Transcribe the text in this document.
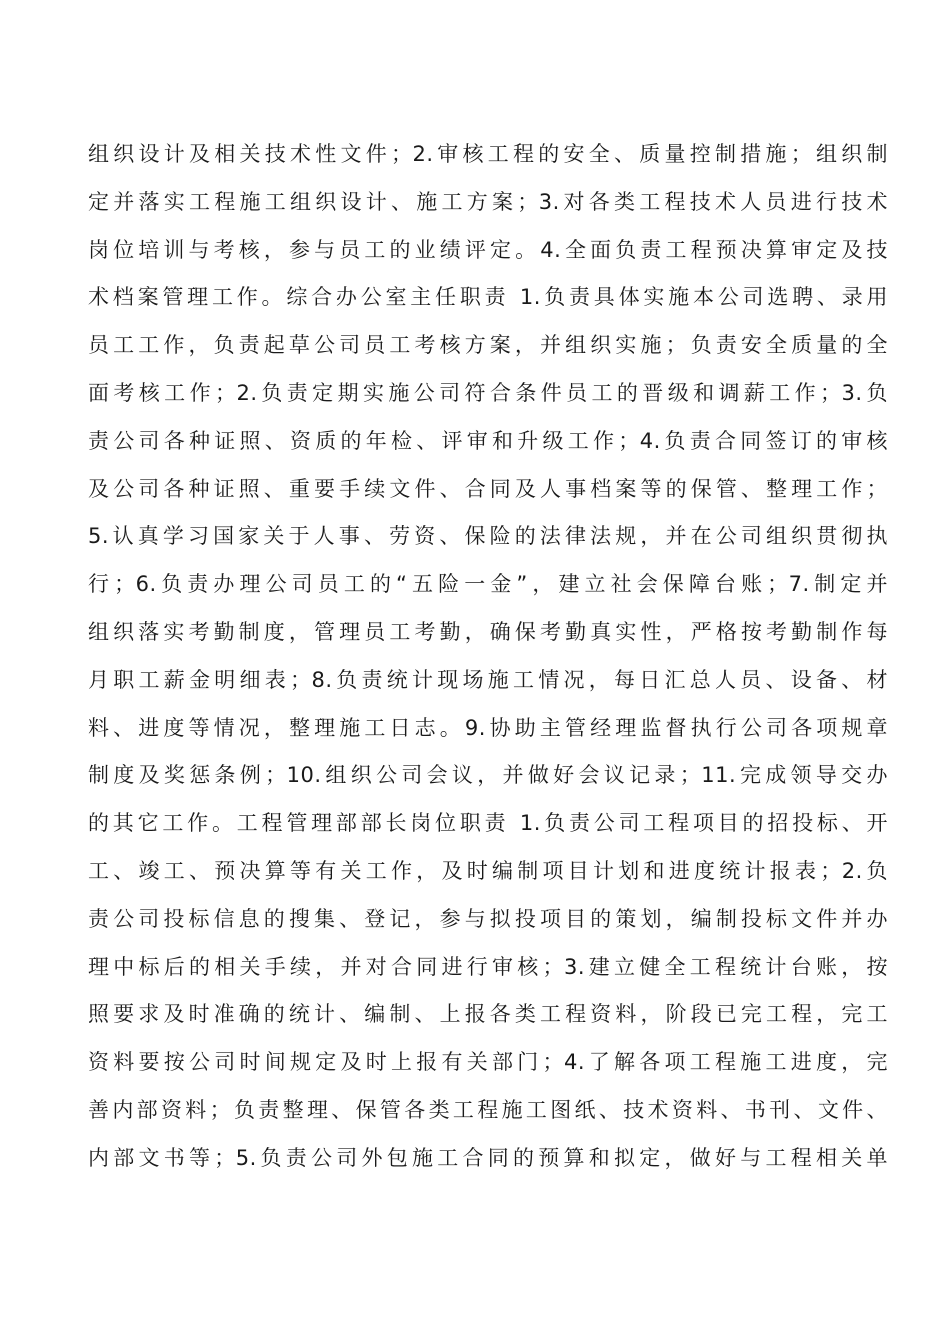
组织设计及相关技术性文件；2.审核工程的安全、质量控制措施；组织制
定并落实工程施工组织设计、施工方案；3.对各类工程技术人员进行技术
岗位培训与考核，参与员工的业绩评定。4.全面负责工程预决算审定及技
术档案管理工作。综合办公室主任职责 1.负责具体实施本公司选聘、录用
员工工作，负责起草公司员工考核方案，并组织实施；负责安全质量的全
面考核工作；2.负责定期实施公司符合条件员工的晋级和调薪工作；3.负
责公司各种证照、资质的年检、评审和升级工作；4.负责合同签订的审核
及公司各种证照、重要手续文件、合同及人事档案等的保管、整理工作；
5.认真学习国家关于人事、劳资、保险的法律法规，并在公司组织贯彻执
行；6.负责办理公司员工的“五险一金”，建立社会保障台账；7.制定并
组织落实考勤制度，管理员工考勤，确保考勤真实性，严格按考勤制作每
月职工薪金明细表；8.负责统计现场施工情况，每日汇总人员、设备、材
料、进度等情况，整理施工日志。9.协助主管经理监督执行公司各项规章
制度及奖惩条例；10.组织公司会议，并做好会议记录；11.完成领导交办
的其它工作。工程管理部部长岗位职责 1.负责公司工程项目的招投标、开
工、竣工、预决算等有关工作，及时编制项目计划和进度统计报表；2.负
责公司投标信息的搜集、登记，参与拟投项目的策划，编制投标文件并办
理中标后的相关手续，并对合同进行审核；3.建立健全工程统计台账，按
照要求及时准确的统计、编制、上报各类工程资料，阶段已完工程，完工
资料要按公司时间规定及时上报有关部门；4.了解各项工程施工进度，完
善内部资料；负责整理、保管各类工程施工图纸、技术资料、书刊、文件、
内部文书等；5.负责公司外包施工合同的预算和拟定，做好与工程相关单
